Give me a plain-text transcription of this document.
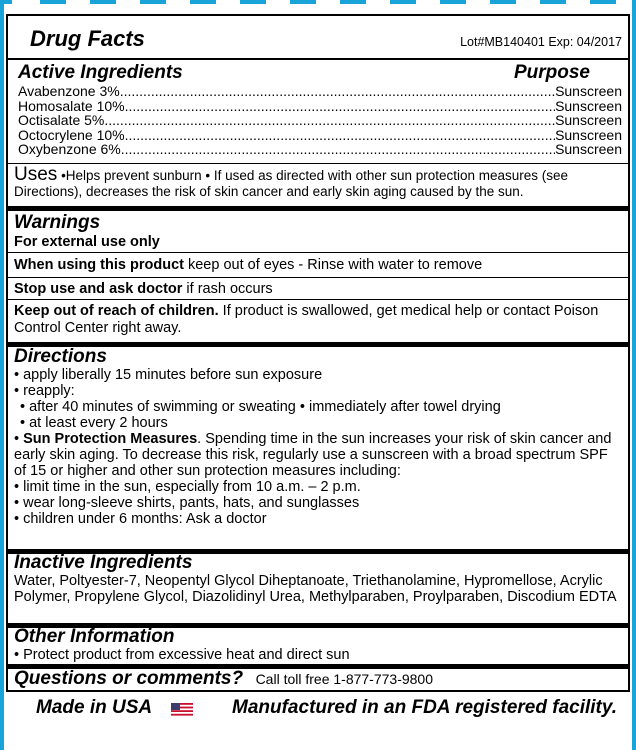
Drug Facts	Lot#MB140401 Exp: 04/2017
Active Ingredients	Purpose
Avabenzone 3% .....	Sunscreen
Homosalate 10% .....	Sunscreen
Octisalate 5% .....	Sunscreen
Octocrylene 10% .....	Sunscreen
Oxybenzone 6% .....	Sunscreen
Uses •Helps prevent sunburn • If used as directed with other sun protection measures (see Directions), decreases the risk of skin cancer and early skin aging caused by the sun.
Warnings
For external use only
When using this product keep out of eyes - Rinse with water to remove
Stop use and ask doctor if rash occurs
Keep out of reach of children. If product is swallowed, get medical help or contact Poison Control Center right away.
Directions
• apply liberally 15 minutes before sun exposure
• reapply:
• after 40 minutes of swimming or sweating • immediately after towel drying
• at least every 2 hours
• Sun Protection Measures. Spending time in the sun increases your risk of skin cancer and early skin aging. To decrease this risk, regularly use a sunscreen with a broad spectrum SPF of 15 or higher and other sun protection measures including:
• limit time in the sun, especially from 10 a.m. – 2 p.m.
• wear long-sleeve shirts, pants, hats, and sunglasses
• children under 6 months: Ask a doctor
Inactive Ingredients
Water, Poltyester-7, Neopentyl Glycol Diheptanoate, Triethanolamine, Hypromellose, Acrylic Polymer, Propylene Glycol, Diazolidinyl Urea, Methylparaben, Proylparaben, Discodium EDTA
Other Information
• Protect product from excessive heat and direct sun
Questions or comments? Call toll free 1-877-773-9800
Made in USA	Manufactured in an FDA registered facility.
